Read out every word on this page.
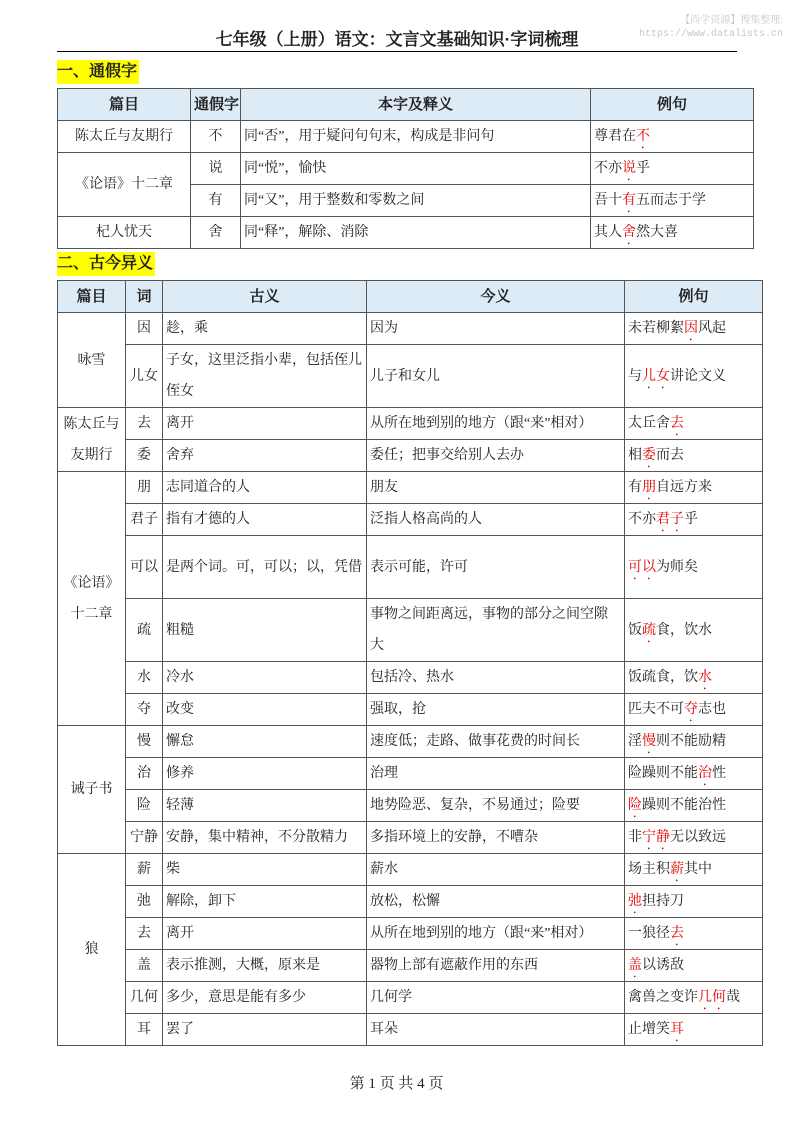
【尚学资源】搜集整理:
https://www.datalists.cn
七年级（上册）语文：文言文基础知识·字词梳理
一、通假字
篇目	通假字	本字及释义	例句
陈太丘与友期行	不	同“否”，用于疑问句句末，构成是非问句	尊君在不
《论语》十二章	说	同“悦”，愉快	不亦说乎
	有	同“又”，用于整数和零数之间	吾十有五而志于学
杞人忧天	舍	同“释”，解除、消除	其人舍然大喜
二、古今异义
篇目	词	古义	今义	例句
咏雪	因	趁，乘	因为	未若柳絮因风起
	儿女	子女，这里泛指小辈，包括侄儿侄女	儿子和女儿	与儿女讲论文义
陈太丘与友期行	去	离开	从所在地到别的地方（跟“来”相对）	太丘舍去
	委	舍弃	委任；把事交给别人去办	相委而去
《论语》十二章	朋	志同道合的人	朋友	有朋自远方来
	君子	指有才德的人	泛指人格高尚的人	不亦君子乎
	可以	是两个词。可，可以；以，凭借	表示可能，许可	可以为师矣
	疏	粗糙	事物之间距离远，事物的部分之间空隙大	饭疏食，饮水
	水	冷水	包括冷、热水	饭疏食，饮水
	夺	改变	强取，抢	匹夫不可夺志也
诫子书	慢	懈怠	速度低；走路、做事花费的时间长	淫慢则不能励精
	治	修养	治理	险躁则不能治性
	险	轻薄	地势险恶、复杂，不易通过；险要	险躁则不能治性
	宁静	安静，集中精神，不分散精力	多指环境上的安静，不嘈杂	非宁静无以致远
狼	薪	柴	薪水	场主积薪其中
	弛	解除，卸下	放松，松懈	弛担持刀
	去	离开	从所在地到别的地方（跟“来”相对）	一狼径去
	盖	表示推测，大概，原来是	器物上部有遮蔽作用的东西	盖以诱敌
	几何	多少，意思是能有多少	几何学	禽兽之变诈几何哉
	耳	罢了	耳朵	止增笑耳
第 1 页 共 4 页
